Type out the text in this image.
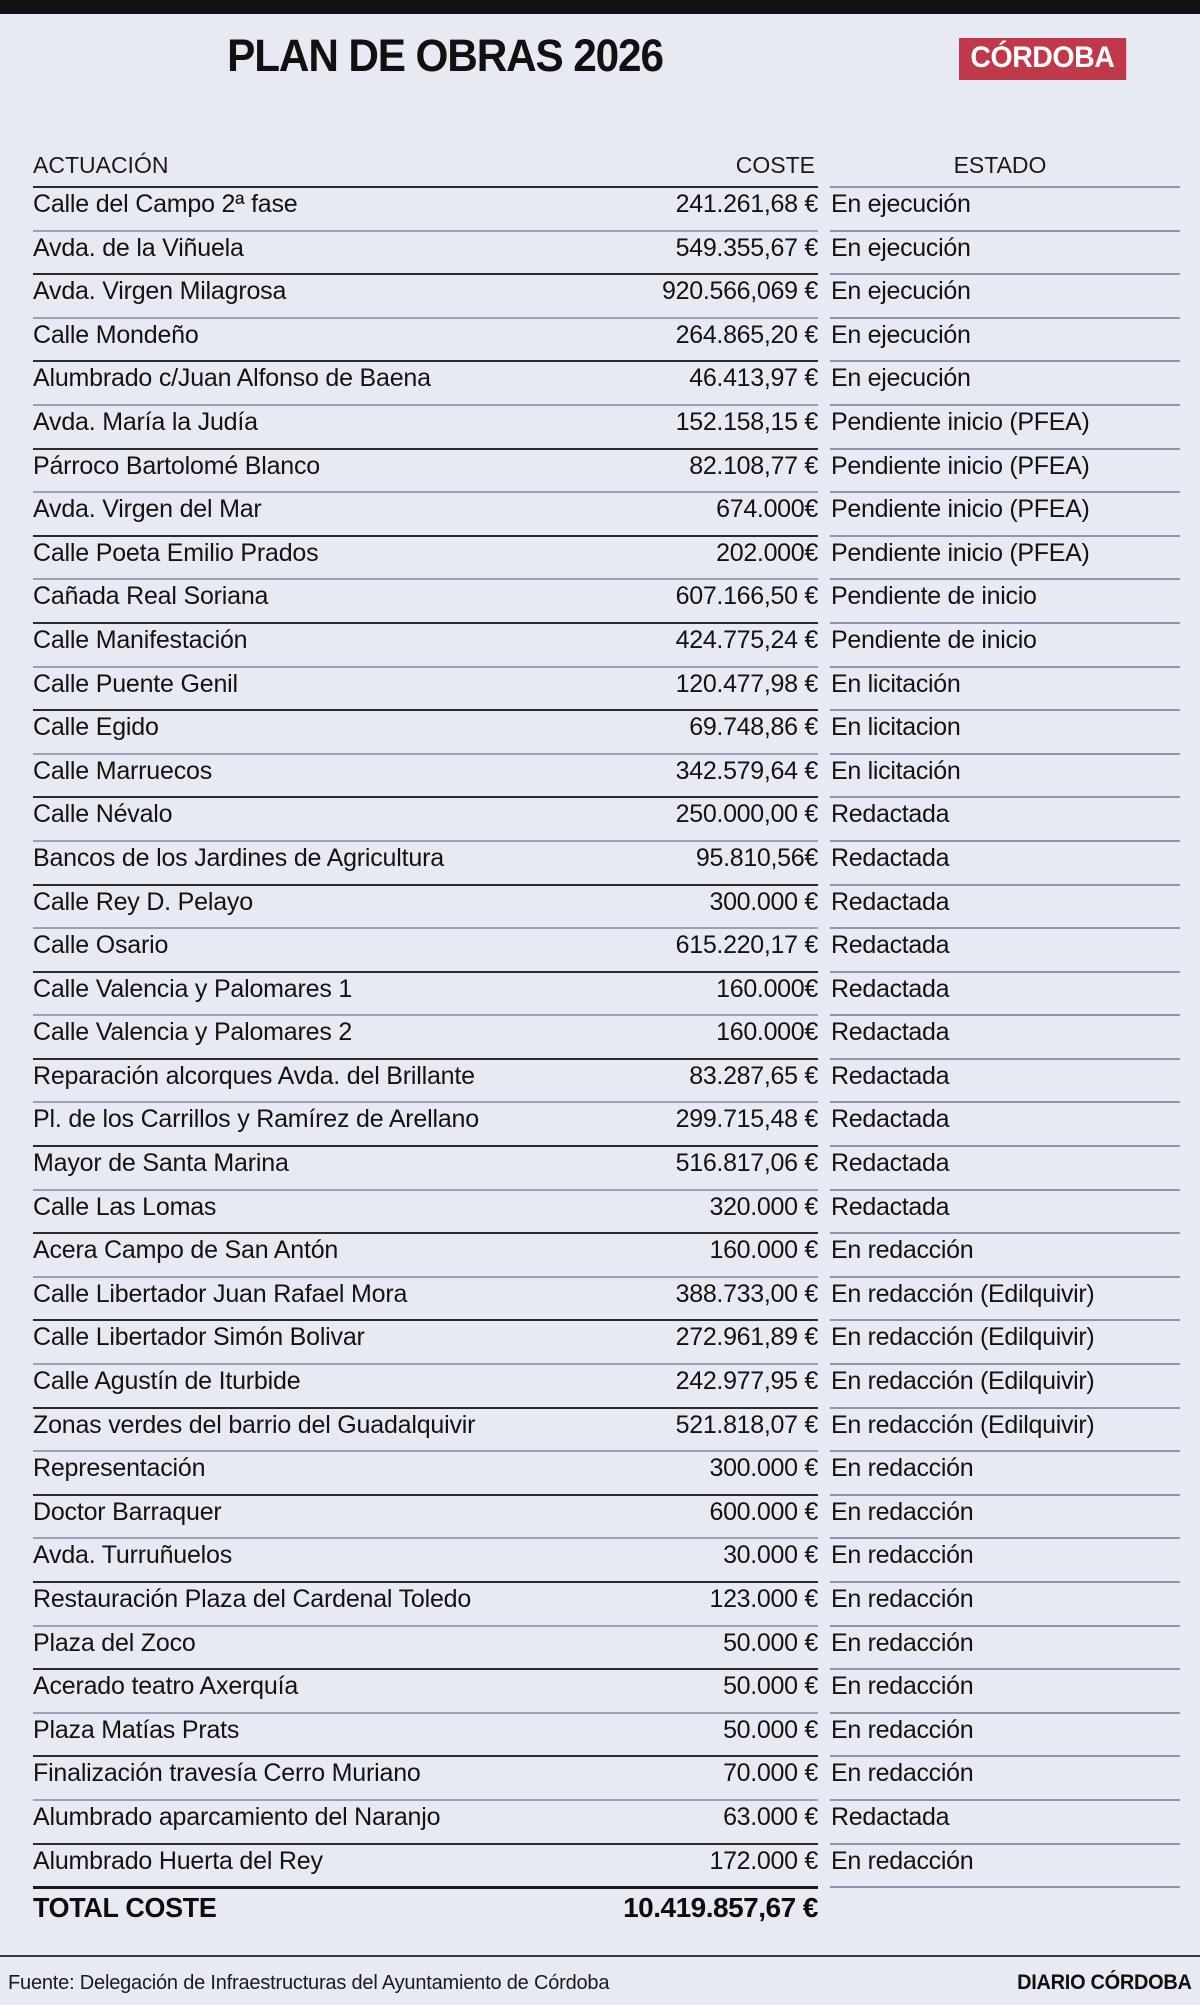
PLAN DE OBRAS 2026	CÓRDOBA
ACTUACIÓN	COSTE	ESTADO
Calle del Campo 2ª fase	241.261,68 € En ejecución
Avda. de la Viñuela	549.355,67 € En ejecución
Avda. Virgen Milagrosa	920.566,069 € En ejecución
Calle Mondeño	264.865,20 € En ejecución
Alumbrado c/Juan Alfonso de Baena	46.413,97 € En ejecución
Avda. María la Judía	152.158,15 € Pendiente inicio (PFEA)
Párroco Bartolomé Blanco	82.108,77 € Pendiente inicio (PFEA)
Avda. Virgen del Mar	674.000€ Pendiente inicio (PFEA)
Calle Poeta Emilio Prados	202.000€ Pendiente inicio (PFEA)
Cañada Real Soriana	607.166,50 € Pendiente de inicio
Calle Manifestación	424.775,24 € Pendiente de inicio
Calle Puente Genil	120.477,98 € En licitación
Calle Egido	69.748,86 € En licitacion
Calle Marruecos	342.579,64 € En licitación
Calle Névalo	250.000,00 € Redactada
Bancos de los Jardines de Agricultura	95.810,56€ Redactada
Calle Rey D. Pelayo	300.000 € Redactada
Calle Osario	615.220,17 € Redactada
Calle Valencia y Palomares 1	160.000€ Redactada
Calle Valencia y Palomares 2	160.000€ Redactada
Reparación alcorques Avda. del Brillante	83.287,65 € Redactada
Pl. de los Carrillos y Ramírez de Arellano	299.715,48 € Redactada
Mayor de Santa Marina	516.817,06 € Redactada
Calle Las Lomas	320.000 € Redactada
Acera Campo de San Antón	160.000 € En redacción
Calle Libertador Juan Rafael Mora	388.733,00 € En redacción (Edilquivir)
Calle Libertador Simón Bolivar	272.961,89 € En redacción (Edilquivir)
Calle Agustín de Iturbide	242.977,95 € En redacción (Edilquivir)
Zonas verdes del barrio del Guadalquivir	521.818,07 € En redacción (Edilquivir)
Representación	300.000 € En redacción
Doctor Barraquer	600.000 € En redacción
Avda. Turruñuelos	30.000 € En redacción
Restauración Plaza del Cardenal Toledo	123.000 € En redacción
Plaza del Zoco	50.000 € En redacción
Acerado teatro Axerquía	50.000 € En redacción
Plaza Matías Prats	50.000 € En redacción
Finalización travesía Cerro Muriano	70.000 € En redacción
Alumbrado aparcamiento del Naranjo	63.000 € Redactada
Alumbrado Huerta del Rey	172.000 € En redacción
TOTAL COSTE	10.419.857,67 €
Fuente: Delegación de Infraestructuras del Ayuntamiento de Córdoba	DIARIO CÓRDOBA
